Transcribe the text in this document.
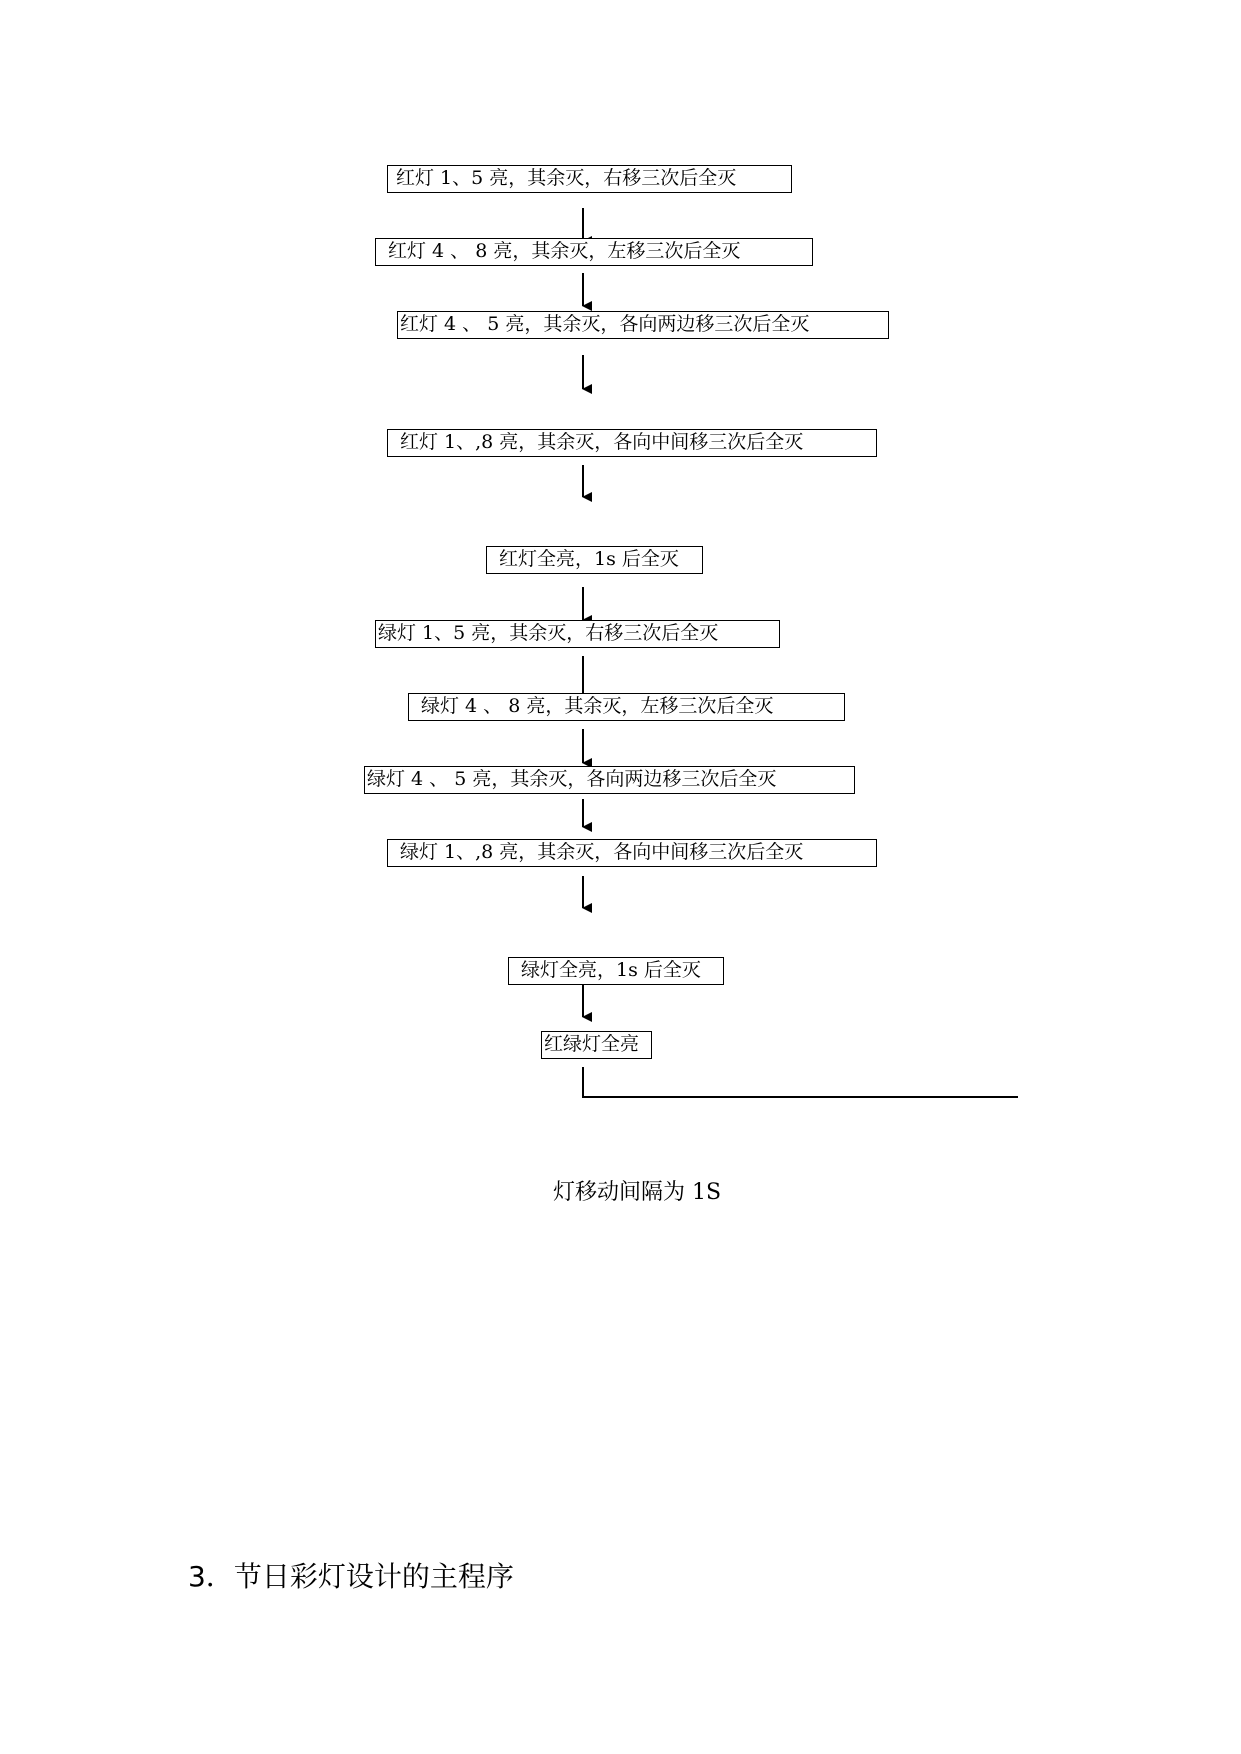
红灯 1、5 亮，其余灭，右移三次后全灭
红灯 4 、 8 亮，其余灭，左移三次后全灭
红灯 4 、 5 亮，其余灭，各向两边移三次后全灭
红灯 1、,8 亮，其余灭，各向中间移三次后全灭
红灯全亮，1s 后全灭
绿灯 1、5 亮，其余灭，右移三次后全灭
绿灯 4 、 8 亮，其余灭，左移三次后全灭
绿灯 4 、 5 亮，其余灭，各向两边移三次后全灭
绿灯 1、,8 亮，其余灭，各向中间移三次后全灭
绿灯全亮，1s 后全灭
红绿灯全亮
灯移动间隔为 1S
3．节日彩灯设计的主程序
